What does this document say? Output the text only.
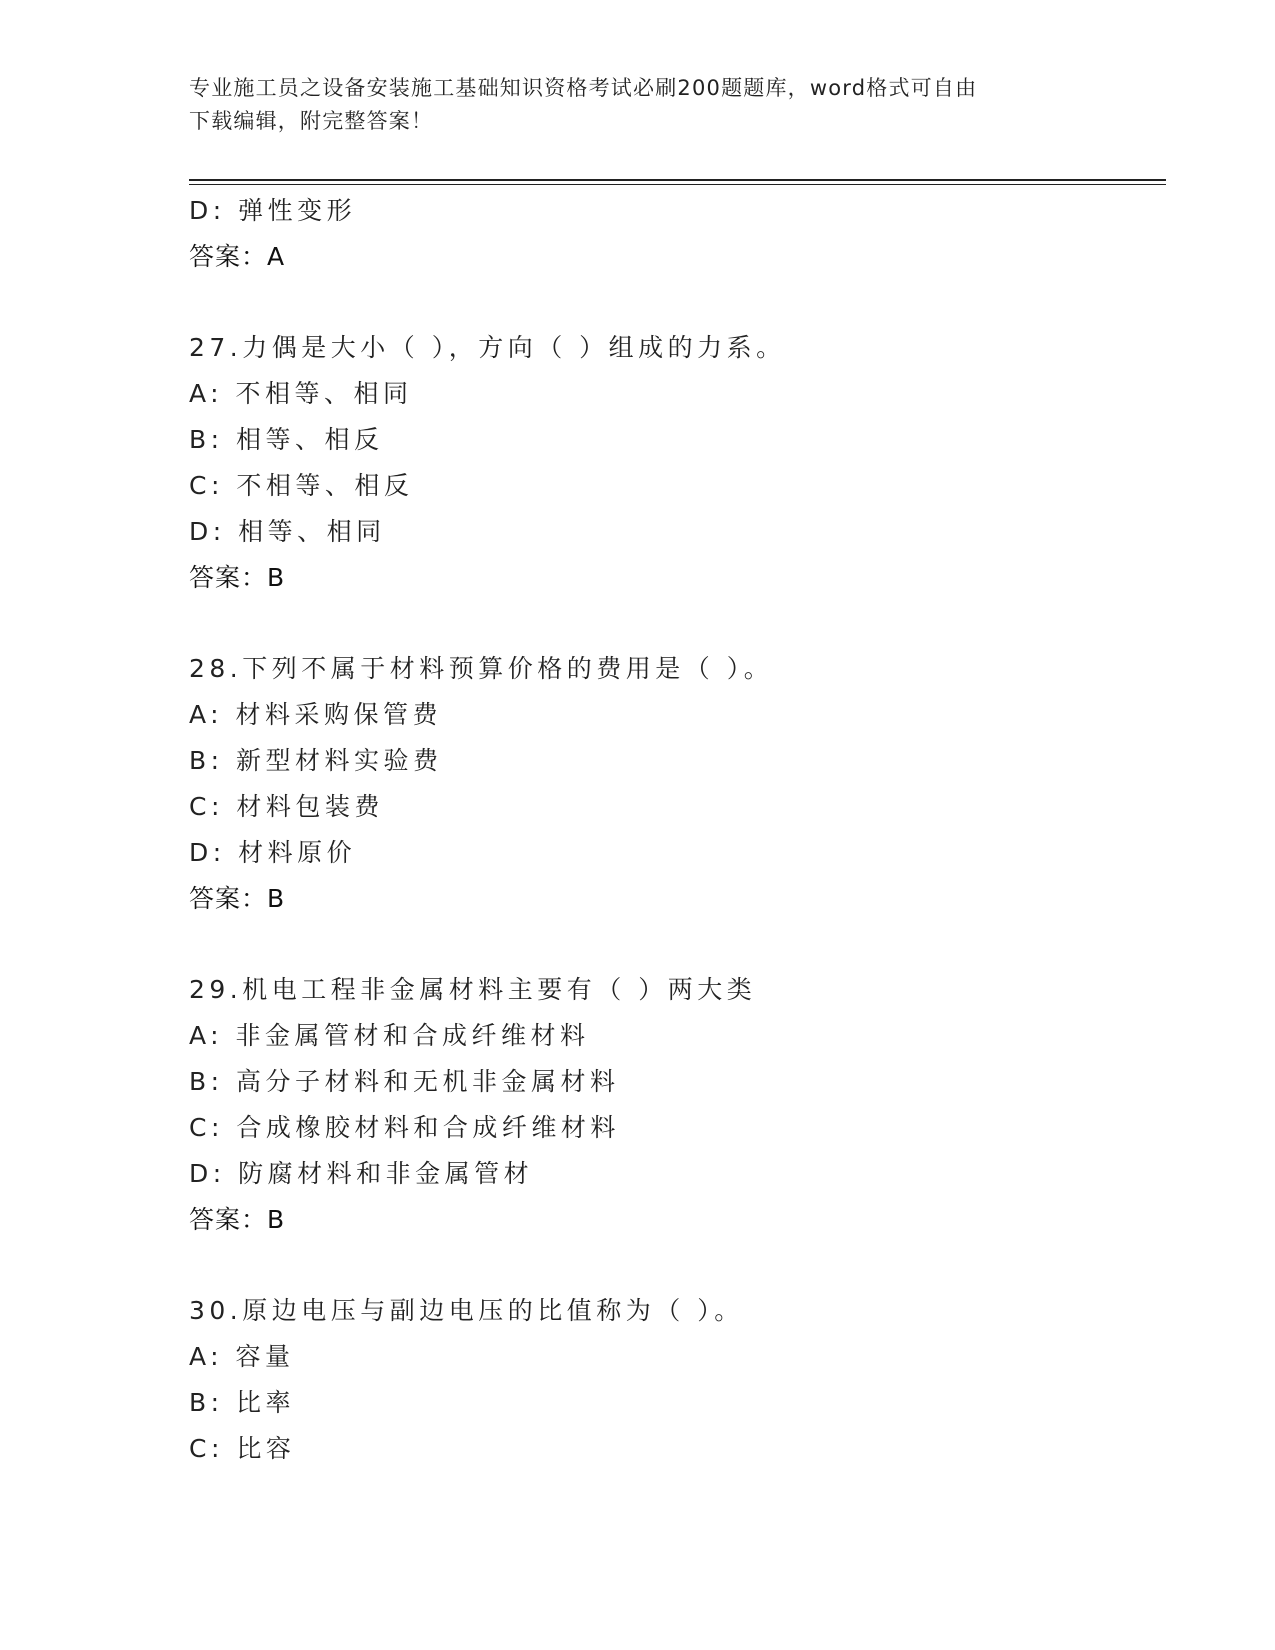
专业施工员之设备安装施工基础知识资格考试必刷200题题库，word格式可自由
下载编辑，附完整答案！
D: 弹性变形
答案：A
27.力偶是大小（ ），方向（ ）组成的力系。
A: 不相等、相同
B: 相等、相反
C: 不相等、相反
D: 相等、相同
答案：B
28.下列不属于材料预算价格的费用是（ ）。
A: 材料采购保管费
B: 新型材料实验费
C: 材料包装费
D: 材料原价
答案：B
29.机电工程非金属材料主要有（ ）两大类
A: 非金属管材和合成纤维材料
B: 高分子材料和无机非金属材料
C: 合成橡胶材料和合成纤维材料
D: 防腐材料和非金属管材
答案：B
30.原边电压与副边电压的比值称为（ ）。
A: 容量
B: 比率
C: 比容
